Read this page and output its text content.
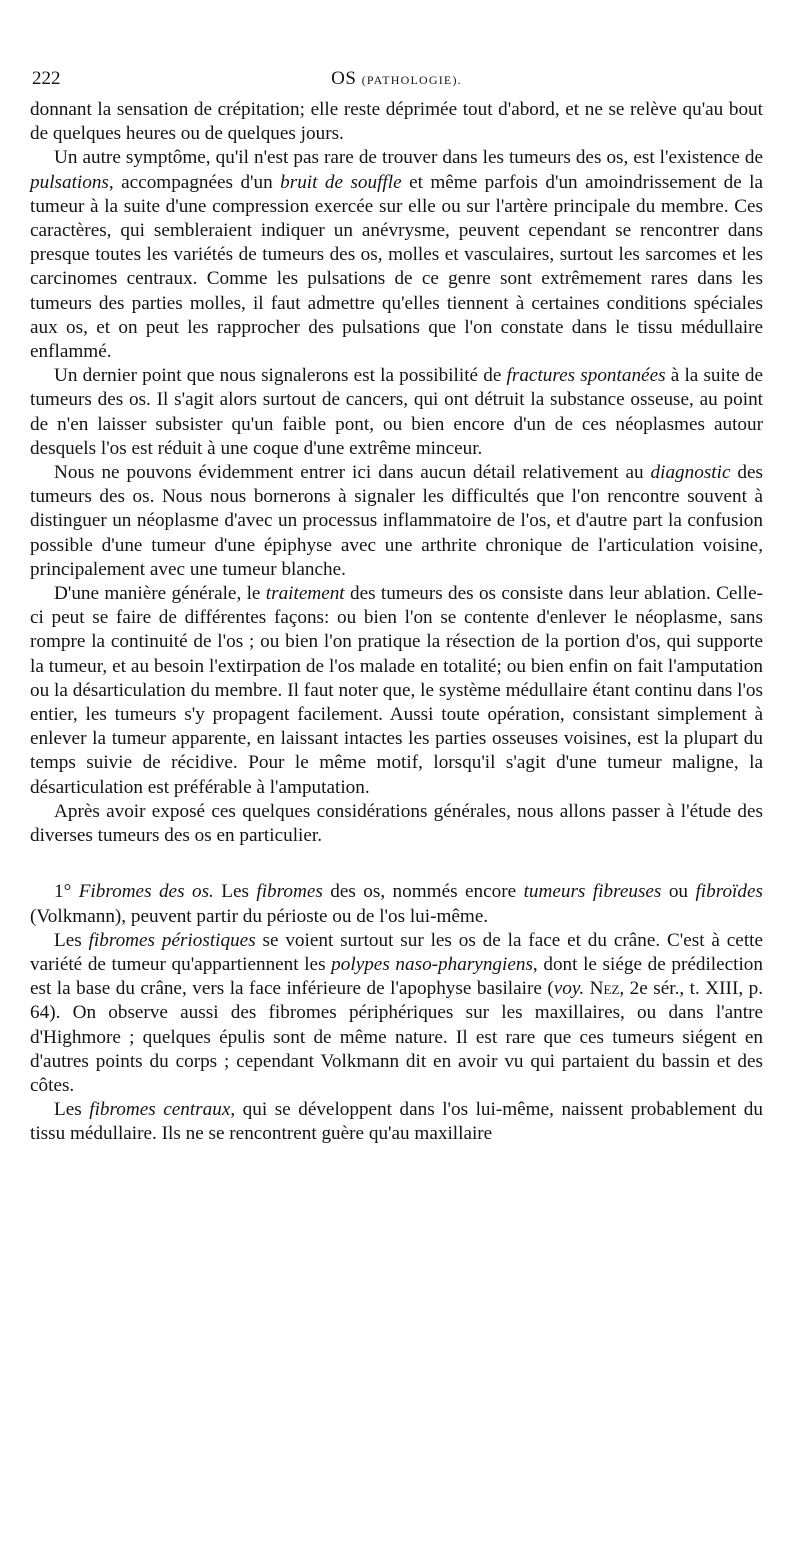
222	OS (PATHOLOGIE).

donnant la sensation de crépitation; elle reste déprimée tout d'abord, et ne se relève qu'au bout de quelques heures ou de quelques jours.

Un autre symptôme, qu'il n'est pas rare de trouver dans les tumeurs des os, est l'existence de pulsations, accompagnées d'un bruit de souffle et même parfois d'un amoindrissement de la tumeur à la suite d'une compression exercée sur elle ou sur l'artère principale du membre. Ces caractères, qui sembleraient indiquer un anévrysme, peuvent cependant se rencontrer dans presque toutes les variétés de tumeurs des os, molles et vasculaires, surtout les sarcomes et les carcinomes centraux. Comme les pulsations de ce genre sont extrêmement rares dans les tumeurs des parties molles, il faut admettre qu'elles tiennent à certaines conditions spéciales aux os, et on peut les rapprocher des pulsations que l'on constate dans le tissu médullaire enflammé.

Un dernier point que nous signalerons est la possibilité de fractures spontanées à la suite de tumeurs des os. Il s'agit alors surtout de cancers, qui ont détruit la substance osseuse, au point de n'en laisser subsister qu'un faible pont, ou bien encore d'un de ces néoplasmes autour desquels l'os est réduit à une coque d'une extrême minceur.

Nous ne pouvons évidemment entrer ici dans aucun détail relativement au diagnostic des tumeurs des os. Nous nous bornerons à signaler les difficultés que l'on rencontre souvent à distinguer un néoplasme d'avec un processus inflammatoire de l'os, et d'autre part la confusion possible d'une tumeur d'une épiphyse avec une arthrite chronique de l'articulation voisine, principalement avec une tumeur blanche.

D'une manière générale, le traitement des tumeurs des os consiste dans leur ablation. Celle-ci peut se faire de différentes façons: ou bien l'on se contente d'enlever le néoplasme, sans rompre la continuité de l'os ; ou bien l'on pratique la résection de la portion d'os, qui supporte la tumeur, et au besoin l'extirpation de l'os malade en totalité; ou bien enfin on fait l'amputation ou la désarticulation du membre. Il faut noter que, le système médullaire étant continu dans l'os entier, les tumeurs s'y propagent facilement. Aussi toute opération, consistant simplement à enlever la tumeur apparente, en laissant intactes les parties osseuses voisines, est la plupart du temps suivie de récidive. Pour le même motif, lorsqu'il s'agit d'une tumeur maligne, la désarticulation est préférable à l'amputation.

Après avoir exposé ces quelques considérations générales, nous allons passer à l'étude des diverses tumeurs des os en particulier.

1° Fibromes des os. Les fibromes des os, nommés encore tumeurs fibreuses ou fibroïdes (Volkmann), peuvent partir du périoste ou de l'os lui-même.

Les fibromes périostiques se voient surtout sur les os de la face et du crâne. C'est à cette variété de tumeur qu'appartiennent les polypes naso-pharyngiens, dont le siége de prédilection est la base du crâne, vers la face inférieure de l'apophyse basilaire (voy. Nez, 2e sér., t. XIII, p. 64). On observe aussi des fibromes périphériques sur les maxillaires, ou dans l'antre d'Highmore ; quelques épulis sont de même nature. Il est rare que ces tumeurs siégent en d'autres points du corps ; cependant Volkmann dit en avoir vu qui partaient du bassin et des côtes.

Les fibromes centraux, qui se développent dans l'os lui-même, naissent probablement du tissu médullaire. Ils ne se rencontrent guère qu'au maxillaire
